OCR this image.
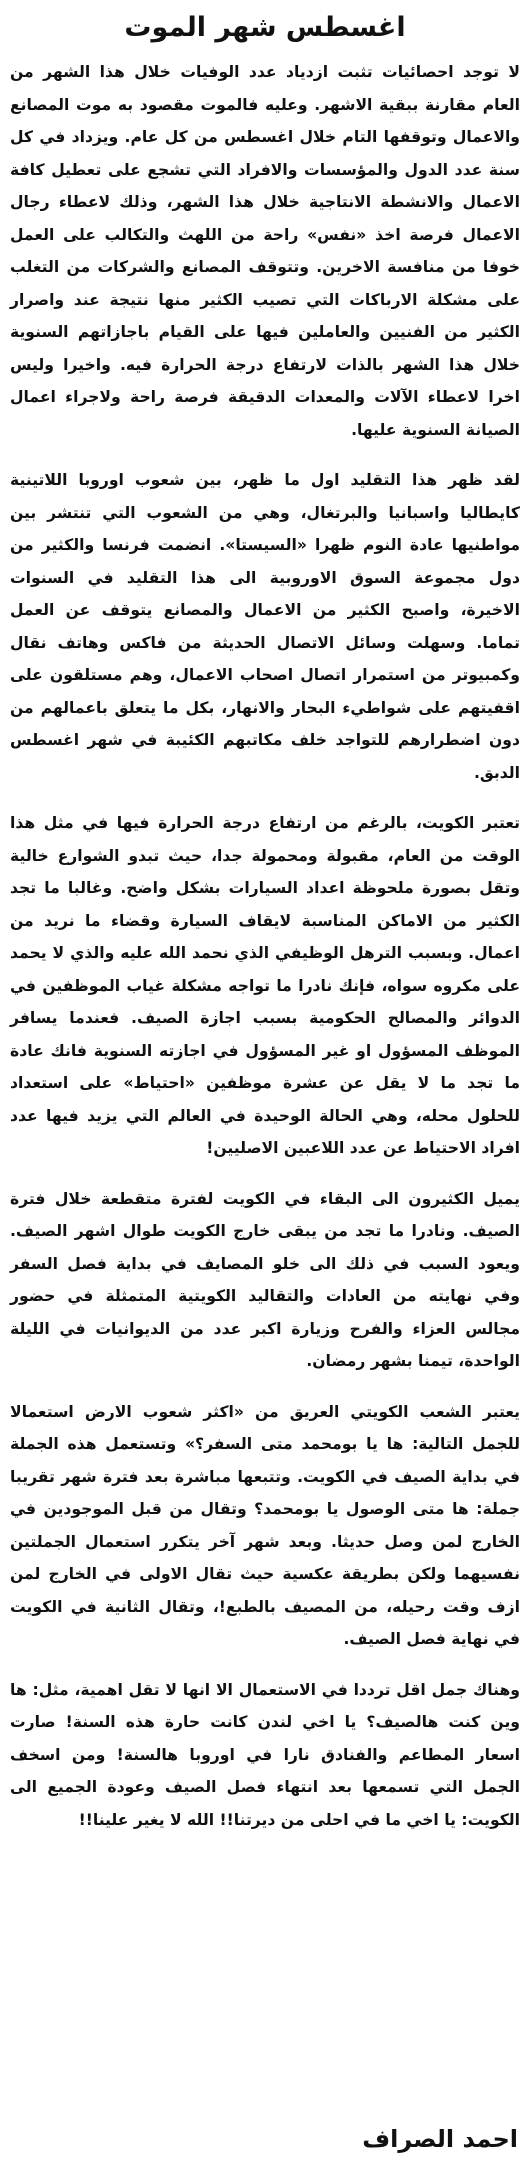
اغسطس شهر الموت

لا توجد احصائيات تثبت ازدياد عدد الوفيات خلال هذا الشهر من العام مقارنة ببقية الاشهر. وعليه فالموت مقصود به موت المصانع والاعمال وتوقفها التام خلال اغسطس من كل عام. ويزداد في كل سنة عدد الدول والمؤسسات والافراد التي تشجع على تعطيل كافة الاعمال والانشطة الانتاجية خلال هذا الشهر، وذلك لاعطاء رجال الاعمال فرصة اخذ «نفس» راحة من اللهث والتكالب على العمل خوفا من منافسة الاخرين. وتتوقف المصانع والشركات من التغلب على مشكلة الارباكات التي تصيب الكثير منها نتيجة عند واصرار الكثير من الفنيين والعاملين فيها على القيام باجازاتهم السنوية خلال هذا الشهر بالذات لارتفاع درجة الحرارة فيه. واخيرا وليس اخرا لاعطاء الآلات والمعدات الدقيقة فرصة راحة ولاجراء اعمال الصيانة السنوية عليها.

لقد ظهر هذا التقليد اول ما ظهر، بين شعوب اوروبا اللاتينية كايطاليا واسبانيا والبرتغال، وهي من الشعوب التي تنتشر بين مواطنيها عادة النوم ظهرا «السيستا». انضمت فرنسا والكثير من دول مجموعة السوق الاوروبية الى هذا التقليد في السنوات الاخيرة، واصبح الكثير من الاعمال والمصانع يتوقف عن العمل تماما. وسهلت وسائل الاتصال الحديثة من فاكس وهاتف نقال وكمبيوتر من استمرار اتصال اصحاب الاعمال، وهم مستلقون على اقفيتهم على شواطيء البحار والانهار، بكل ما يتعلق باعمالهم من دون اضطرارهم للتواجد خلف مكاتبهم الكئيبة في شهر اغسطس الدبق.

تعتبر الكويت، بالرغم من ارتفاع درجة الحرارة فيها في مثل هذا الوقت من العام، مقبولة ومحمولة جدا، حيث تبدو الشوارع خالية وتقل بصورة ملحوظة اعداد السيارات بشكل واضح. وغالبا ما تجد الكثير من الاماكن المناسبة لايقاف السيارة وقضاء ما نريد من اعمال. وبسبب الترهل الوظيفي الذي نحمد الله عليه والذي لا يحمد على مكروه سواه، فإنك نادرا ما تواجه مشكلة غياب الموظفين في الدوائر والمصالح الحكومية بسبب اجازة الصيف. فعندما يسافر الموظف المسؤول او غير المسؤول في اجازته السنوية فانك عادة ما تجد ما لا يقل عن عشرة موظفين «احتياط» على استعداد للحلول محله، وهي الحالة الوحيدة في العالم التي يزيد فيها عدد افراد الاحتياط عن عدد اللاعبين الاصليين!

يميل الكثيرون الى البقاء في الكويت لفترة متقطعة خلال فترة الصيف. ونادرا ما تجد من يبقى خارج الكويت طوال اشهر الصيف. ويعود السبب في ذلك الى خلو المصايف في بداية فصل السفر وفي نهايته من العادات والتقاليد الكويتية المتمثلة في حضور مجالس العزاء والفرح وزيارة اكبر عدد من الديوانيات في الليلة الواحدة، تيمنا بشهر رمضان.

يعتبر الشعب الكويتي العريق من «اكثر شعوب الارض استعمالا للجمل التالية: ها يا بومحمد متى السفر؟» وتستعمل هذه الجملة في بداية الصيف في الكويت. وتتبعها مباشرة بعد فترة شهر تقريبا جملة: ها متى الوصول يا بومحمد؟ وتقال من قبل الموجودين في الخارج لمن وصل حديثا. وبعد شهر آخر يتكرر استعمال الجملتين نفسيهما ولكن بطريقة عكسية حيث تقال الاولى في الخارج لمن ازف وقت رحيله، من المصيف بالطبع!، وتقال الثانية في الكويت في نهاية فصل الصيف.

وهناك جمل اقل ترددا في الاستعمال الا انها لا تقل اهمية، مثل: ها وين كنت هالصيف؟ يا اخي لندن كانت حارة هذه السنة! صارت اسعار المطاعم والفنادق نارا في اوروبا هالسنة! ومن اسخف الجمل التي تسمعها بعد انتهاء فصل الصيف وعودة الجميع الى الكويت: يا اخي ما في احلى من ديرتنا!! الله لا يغير علينا!!

احمد الصراف
